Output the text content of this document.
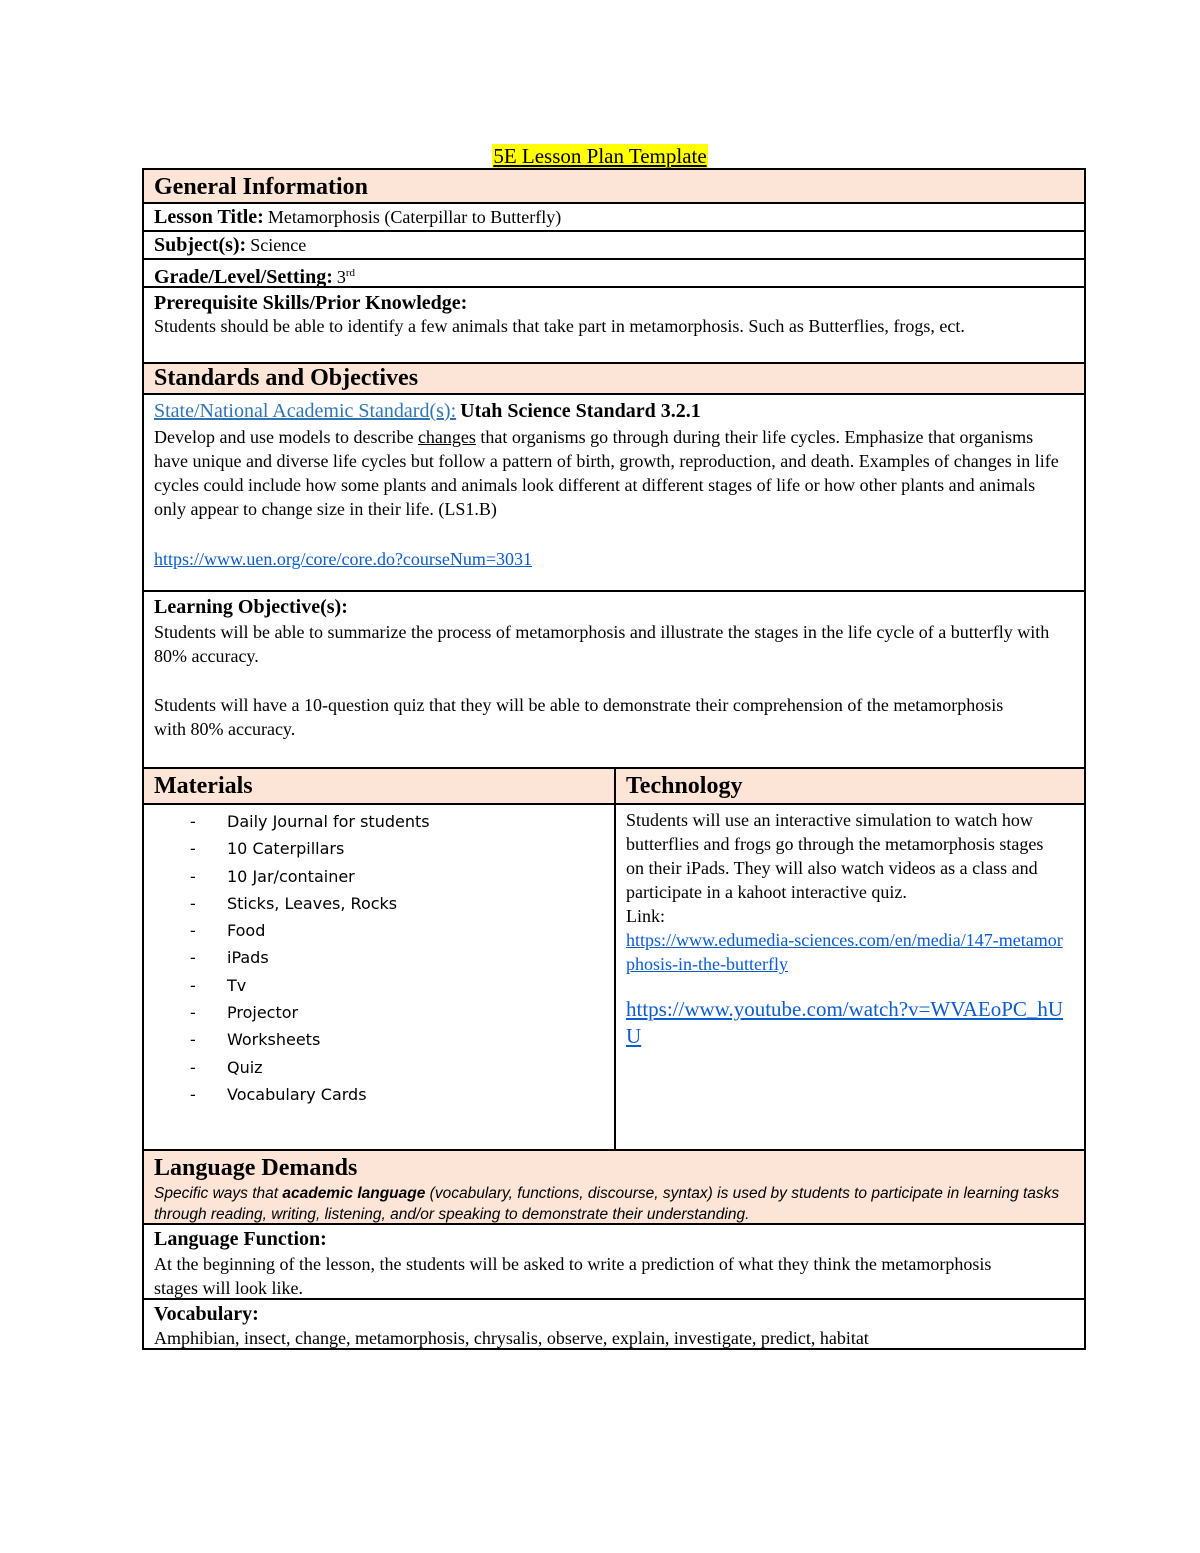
5E Lesson Plan Template
General Information
Lesson Title: Metamorphosis (Caterpillar to Butterfly)
Subject(s): Science
Grade/Level/Setting: 3rd
Prerequisite Skills/Prior Knowledge:
Students should be able to identify a few animals that take part in metamorphosis. Such as Butterflies, frogs, ect.
Standards and Objectives
State/National Academic Standard(s): Utah Science Standard 3.2.1
Develop and use models to describe changes that organisms go through during their life cycles. Emphasize that organisms have unique and diverse life cycles but follow a pattern of birth, growth, reproduction, and death. Examples of changes in life cycles could include how some plants and animals look different at different stages of life or how other plants and animals only appear to change size in their life. (LS1.B)
https://www.uen.org/core/core.do?courseNum=3031
Learning Objective(s):
Students will be able to summarize the process of metamorphosis and illustrate the stages in the life cycle of a butterfly with 80% accuracy.
Students will have a 10-question quiz that they will be able to demonstrate their comprehension of the metamorphosis with 80% accuracy.
Materials	Technology
- Daily Journal for students
- 10 Caterpillars
- 10 Jar/container
- Sticks, Leaves, Rocks
- Food
- iPads
- Tv
- Projector
- Worksheets
- Quiz
- Vocabulary Cards
Students will use an interactive simulation to watch how butterflies and frogs go through the metamorphosis stages on their iPads. They will also watch videos as a class and participate in a kahoot interactive quiz.
Link:
https://www.edumedia-sciences.com/en/media/147-metamorphosis-in-the-butterfly
https://www.youtube.com/watch?v=WVAEoPC_hUU
Language Demands
Specific ways that academic language (vocabulary, functions, discourse, syntax) is used by students to participate in learning tasks through reading, writing, listening, and/or speaking to demonstrate their understanding.
Language Function:
At the beginning of the lesson, the students will be asked to write a prediction of what they think the metamorphosis stages will look like.
Vocabulary:
Amphibian, insect, change, metamorphosis, chrysalis, observe, explain, investigate, predict, habitat
